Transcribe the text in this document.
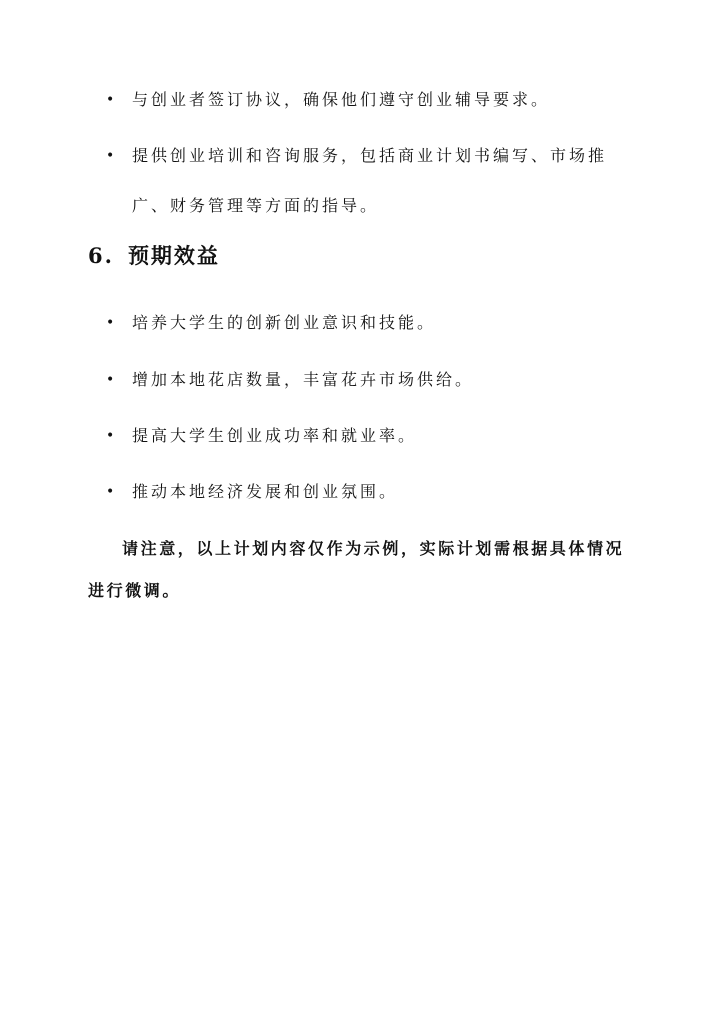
• 与创业者签订协议，确保他们遵守创业辅导要求。
• 提供创业培训和咨询服务，包括商业计划书编写、市场推广、财务管理等方面的指导。
6. 预期效益
• 培养大学生的创新创业意识和技能。
• 增加本地花店数量，丰富花卉市场供给。
• 提高大学生创业成功率和就业率。
• 推动本地经济发展和创业氛围。
请注意，以上计划内容仅作为示例，实际计划需根据具体情况进行微调。
